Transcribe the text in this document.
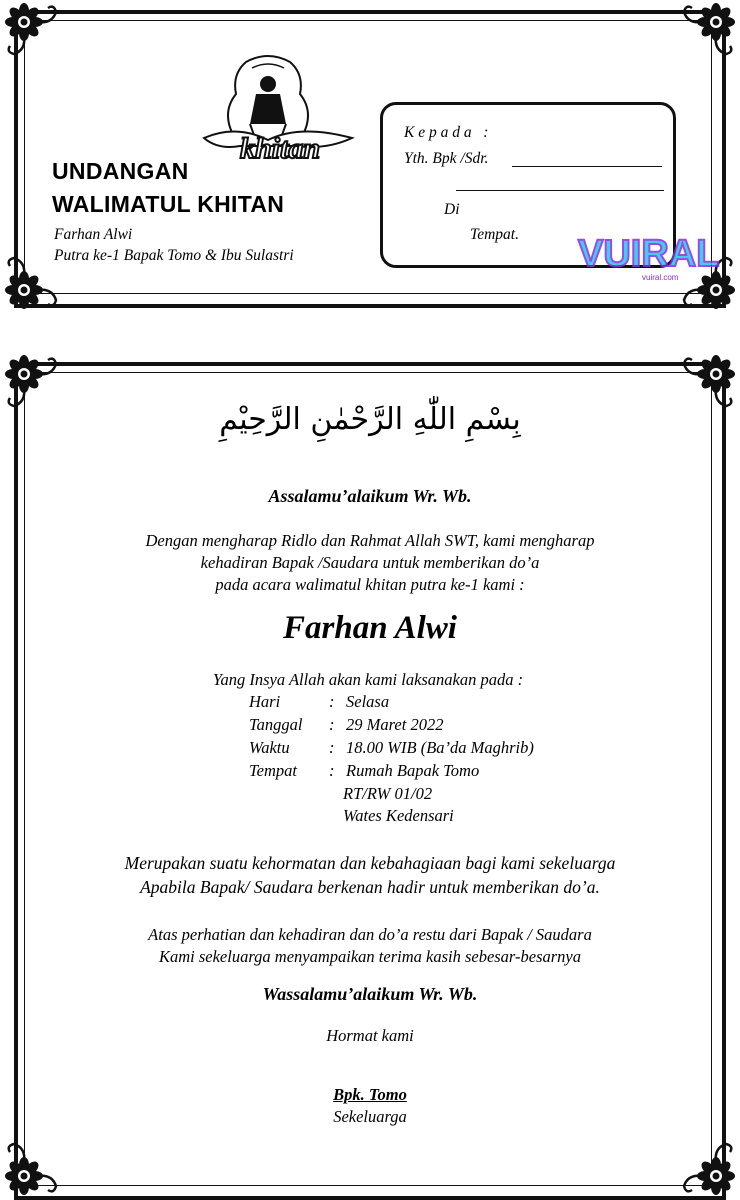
khitan
UNDANGAN
WALIMATUL KHITAN
Farhan Alwi
Putra ke-1 Bapak Tomo & Ibu Sulastri
K e p a d a   :
Yth. Bpk /Sdr.
Di
Tempat. VUIRAL
vuiral.com
بِسْمِ اللّٰهِ الرَّحْمٰنِ الرَّحِيْمِ
Assalamu’alaikum Wr. Wb.
Dengan mengharap Ridlo dan Rahmat Allah SWT, kami mengharap
kehadiran Bapak /Saudara untuk memberikan do’a
pada acara walimatul khitan putra ke-1 kami :
Farhan Alwi
Yang Insya Allah akan kami laksanakan pada :
Hari	: Selasa
Tanggal : 29 Maret 2022
Waktu : 18.00 WIB (Ba’da Maghrib)
Tempat : Rumah Bapak Tomo
RT/RW 01/02
Wates Kedensari
Merupakan suatu kehormatan dan kebahagiaan bagi kami sekeluarga
Apabila Bapak/ Saudara berkenan hadir untuk memberikan do’a.
Atas perhatian dan kehadiran dan do’a restu dari Bapak / Saudara
Kami sekeluarga menyampaikan terima kasih sebesar-besarnya
Wassalamu’alaikum Wr. Wb.
Hormat kami
Bpk. Tomo
Sekeluarga
